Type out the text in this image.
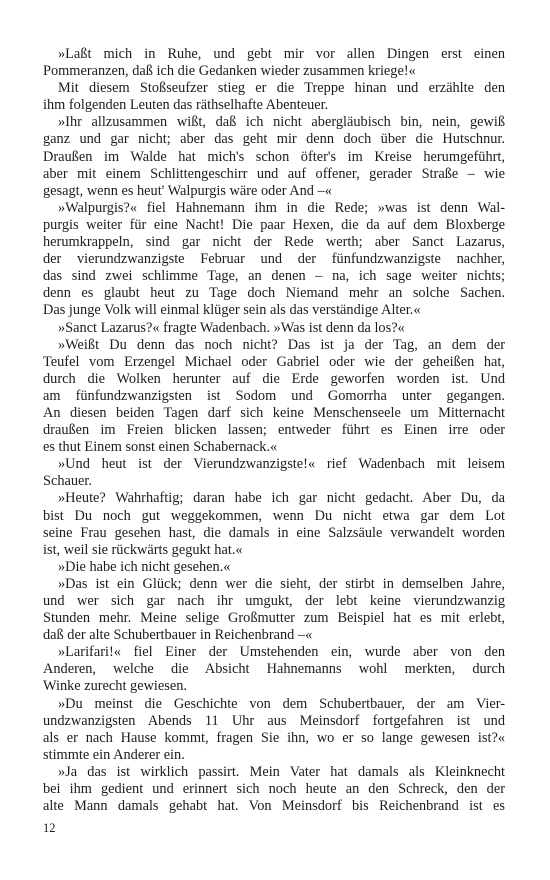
»Laßt mich in Ruhe, und gebt mir vor allen Dingen erst einen
Pommeranzen, daß ich die Gedanken wieder zusammen kriege!«
Mit diesem Stoßseufzer stieg er die Treppe hinan und erzählte den
ihm folgenden Leuten das räthselhafte Abenteuer.
»Ihr allzusammen wißt, daß ich nicht abergläubisch bin, nein, gewiß
ganz und gar nicht; aber das geht mir denn doch über die Hutschnur.
Draußen im Walde hat mich's schon öfter's im Kreise herumgeführt,
aber mit einem Schlittengeschirr und auf offener, gerader Straße – wie
gesagt, wenn es heut' Walpurgis wäre oder And –«
»Walpurgis?« fiel Hahnemann ihm in die Rede; »was ist denn Wal-
purgis weiter für eine Nacht! Die paar Hexen, die da auf dem Bloxberge
herumkrappeln, sind gar nicht der Rede werth; aber Sanct Lazarus,
der vierundzwanzigste Februar und der fünfundzwanzigste nachher,
das sind zwei schlimme Tage, an denen – na, ich sage weiter nichts;
denn es glaubt heut zu Tage doch Niemand mehr an solche Sachen.
Das junge Volk will einmal klüger sein als das verständige Alter.«
»Sanct Lazarus?« fragte Wadenbach. »Was ist denn da los?«
»Weißt Du denn das noch nicht? Das ist ja der Tag, an dem der
Teufel vom Erzengel Michael oder Gabriel oder wie der geheißen hat,
durch die Wolken herunter auf die Erde geworfen worden ist. Und
am fünfundzwanzigsten ist Sodom und Gomorrha unter gegangen.
An diesen beiden Tagen darf sich keine Menschenseele um Mitternacht
draußen im Freien blicken lassen; entweder führt es Einen irre oder
es thut Einem sonst einen Schabernack.«
»Und heut ist der Vierundzwanzigste!« rief Wadenbach mit leisem
Schauer.
»Heute? Wahrhaftig; daran habe ich gar nicht gedacht. Aber Du, da
bist Du noch gut weggekommen, wenn Du nicht etwa gar dem Lot
seine Frau gesehen hast, die damals in eine Salzsäule verwandelt worden
ist, weil sie rückwärts gegukt hat.«
»Die habe ich nicht gesehen.«
»Das ist ein Glück; denn wer die sieht, der stirbt in demselben Jahre,
und wer sich gar nach ihr umgukt, der lebt keine vierundzwanzig
Stunden mehr. Meine selige Großmutter zum Beispiel hat es mit erlebt,
daß der alte Schubertbauer in Reichenbrand –«
»Larifari!« fiel Einer der Umstehenden ein, wurde aber von den
Anderen, welche die Absicht Hahnemanns wohl merkten, durch
Winke zurecht gewiesen.
»Du meinst die Geschichte von dem Schubertbauer, der am Vier-
undzwanzigsten Abends 11 Uhr aus Meinsdorf fortgefahren ist und
als er nach Hause kommt, fragen Sie ihn, wo er so lange gewesen ist?«
stimmte ein Anderer ein.
»Ja das ist wirklich passirt. Mein Vater hat damals als Kleinknecht
bei ihm gedient und erinnert sich noch heute an den Schreck, den der
alte Mann damals gehabt hat. Von Meinsdorf bis Reichenbrand ist es
12
